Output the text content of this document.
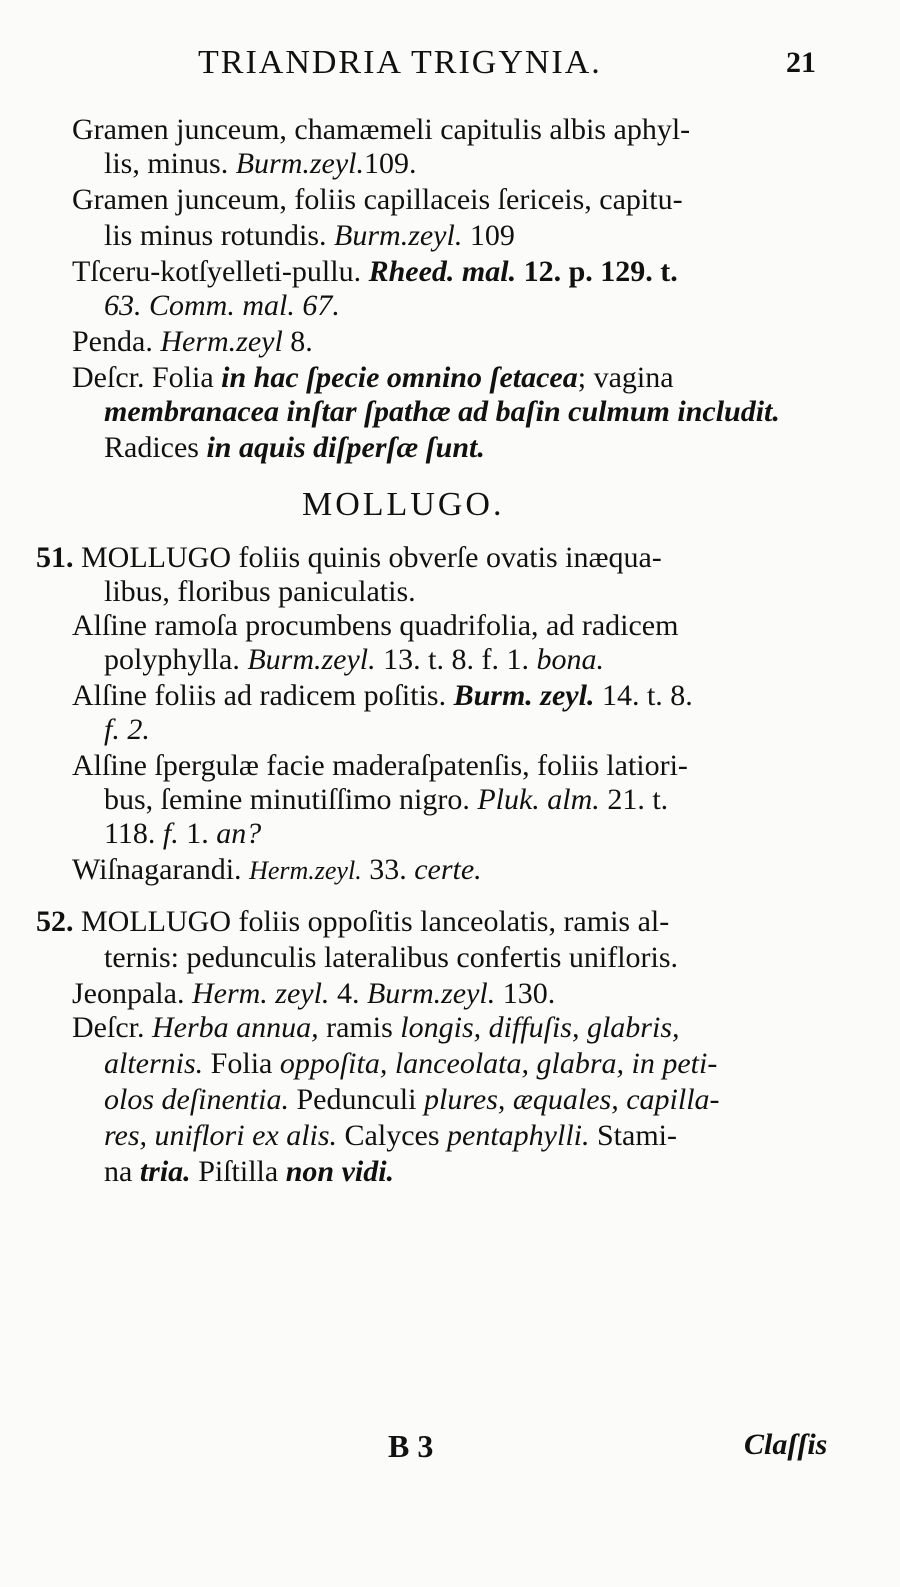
TRIANDRIA TRIGYNIA.	21
Gramen junceum, chamæmeli capitulis albis aphyl-
lis, minus. Burm.zeyl.109.
Gramen junceum, foliis capillaceis ſericeis, capitu-
lis minus rotundis. Burm.zeyl. 109
Tſceru-kotſyelleti-pullu. Rheed. mal. 12. p. 129. t.
63. Comm. mal. 67.
Penda. Herm.zeyl 8.
Deſcr. Folia in hac ſpecie omnino ſetacea; vagina
membranacea inſtar ſpathæ ad baſin culmum includit.
Radices in aquis diſperſæ ſunt.
MOLLUGO.
51. MOLLUGO foliis quinis obverſe ovatis inæqua-
libus, floribus paniculatis.
Alſine ramoſa procumbens quadrifolia, ad radicem
polyphylla. Burm.zeyl. 13. t. 8. f. 1. bona.
Alſine foliis ad radicem poſitis. Burm. zeyl. 14. t. 8.
f. 2.
Alſine ſpergulæ facie maderaſpatenſis, foliis latiori-
bus, ſemine minutiſſimo nigro. Pluk. alm. 21. t.
118. f. 1. an?
Wiſnagarandi. Herm.zeyl. 33. certe.
52. MOLLUGO foliis oppoſitis lanceolatis, ramis al-
ternis: pedunculis lateralibus confertis unifloris.
Jeonpala. Herm. zeyl. 4. Burm.zeyl. 130.
Deſcr. Herba annua, ramis longis, diffuſis, glabris,
alternis. Folia oppoſita, lanceolata, glabra, in peti-
olos deſinentia. Pedunculi plures, æquales, capilla-
res, uniflori ex alis. Calyces pentaphylli. Stami-
na tria. Piſtilla non vidi.
B 3	Claſſis
